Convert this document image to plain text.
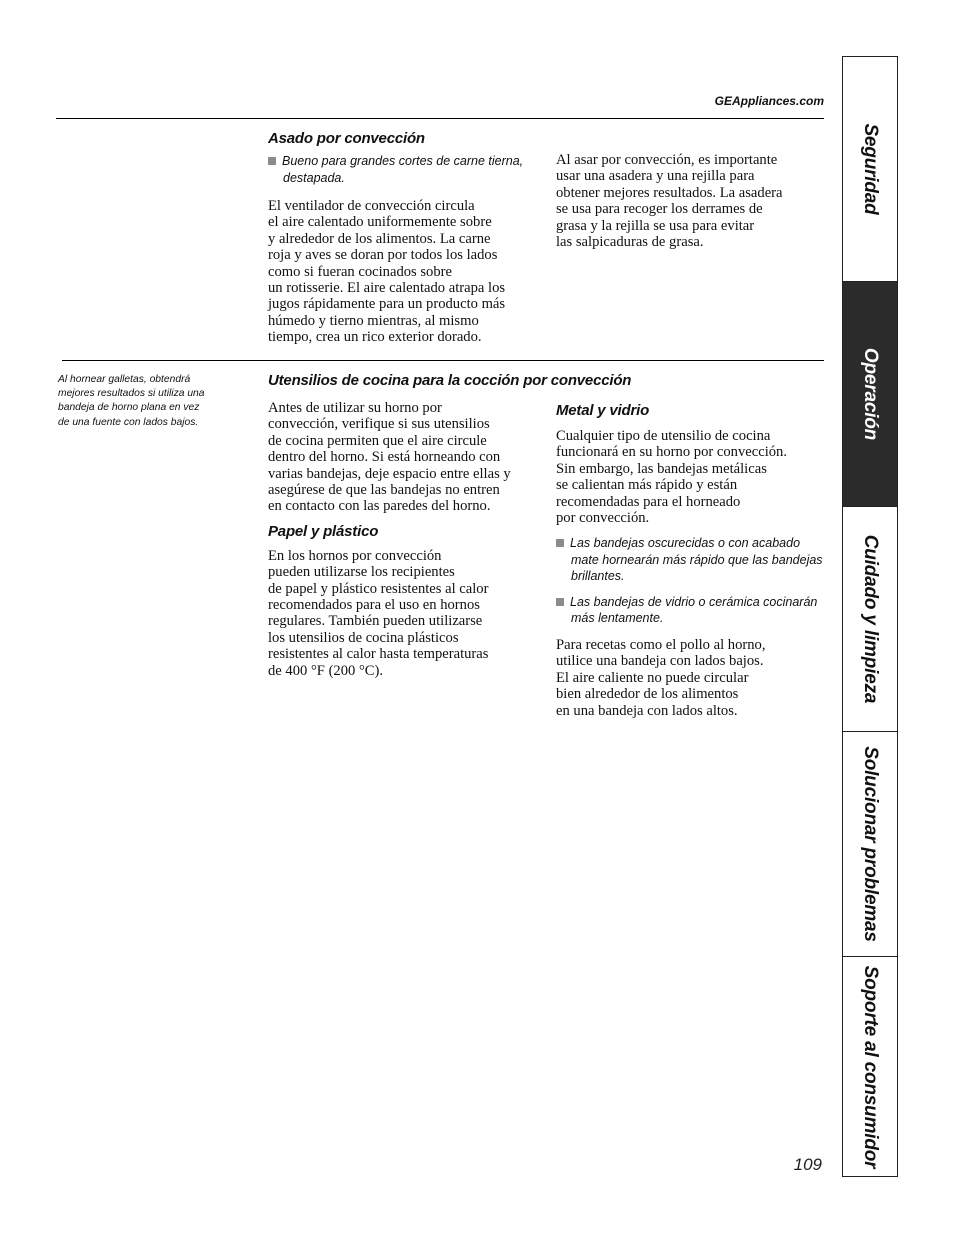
GEAppliances.com
Asado por convección

Bueno para grandes cortes de carne tierna,
destapada.

El ventilador de convección circula
el aire calentado uniformemente sobre
y alrededor de los alimentos. La carne
roja y aves se doran por todos los lados
como si fueran cocinados sobre
un rotisserie. El aire calentado atrapa los
jugos rápidamente para un producto más
húmedo y tierno mientras, al mismo
tiempo, crea un rico exterior dorado.

Al asar por convección, es importante
usar una asadera y una rejilla para
obtener mejores resultados. La asadera
se usa para recoger los derrames de
grasa y la rejilla se usa para evitar
las salpicaduras de grasa.

Al hornear galletas, obtendrá
mejores resultados si utiliza una
bandeja de horno plana en vez
de una fuente con lados bajos.
Utensilios de cocina para la cocción por convección

Antes de utilizar su horno por
convección, verifique si sus utensilios
de cocina permiten que el aire circule
dentro del horno. Si está horneando con
varias bandejas, deje espacio entre ellas y
asegúrese de que las bandejas no entren
en contacto con las paredes del horno.

Papel y plástico

En los hornos por convección
pueden utilizarse los recipientes
de papel y plástico resistentes al calor
recomendados para el uso en hornos
regulares. También pueden utilizarse
los utensilios de cocina plásticos
resistentes al calor hasta temperaturas
de 400 °F (200 °C).

Metal y vidrio

Cualquier tipo de utensilio de cocina
funcionará en su horno por convección.
Sin embargo, las bandejas metálicas
se calientan más rápido y están
recomendadas para el horneado
por convección.

Las bandejas oscurecidas o con acabado
mate hornearán más rápido que las bandejas
brillantes.

Las bandejas de vidrio o cerámica cocinarán
más lentamente.

Para recetas como el pollo al horno,
utilice una bandeja con lados bajos.
El aire caliente no puede circular
bien alrededor de los alimentos
en una bandeja con lados altos.

Seguridad
Operación
Cuidado y limpieza
Solucionar problemas
Soporte al consumidor
109
